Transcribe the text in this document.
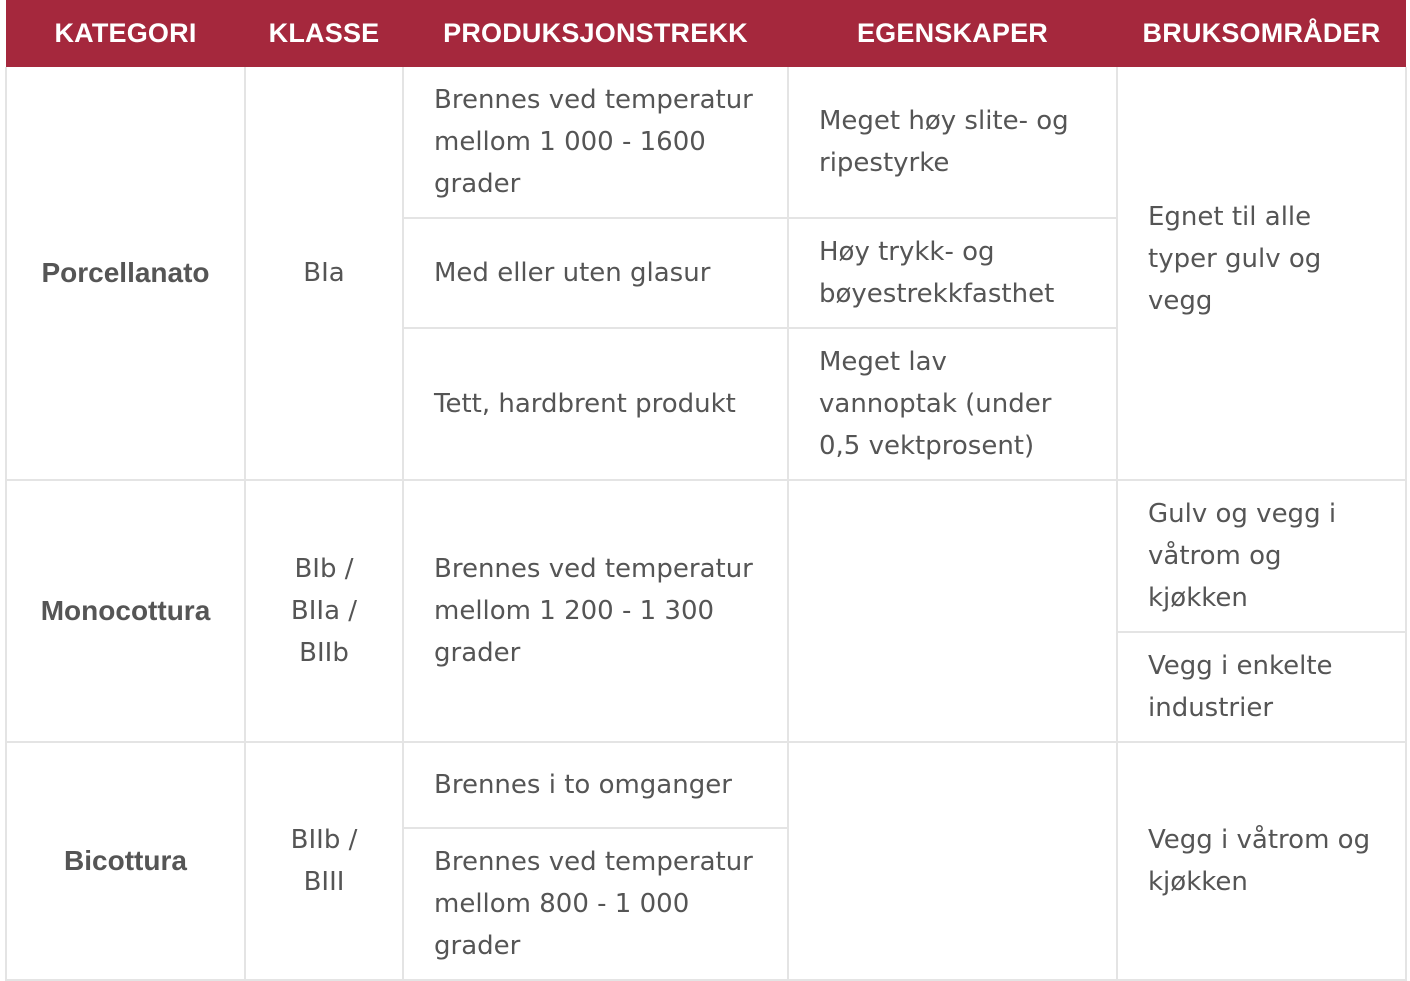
KATEGORI	KLASSE	PRODUKSJONSTREKK	EGENSKAPER	BRUKSOMRÅDER
Porcellanato	BIa	Brennes ved temperatur mellom 1 000 - 1600 grader	Meget høy slite- og ripestyrke	Egnet til alle typer gulv og vegg
		Med eller uten glasur	Høy trykk- og bøyestrekkfasthet	
		Tett, hardbrent produkt	Meget lav vannoptak (under 0,5 vektprosent)	
Monocottura	BIb / BIIa / BIIb	Brennes ved temperatur mellom 1 200 - 1 300 grader		Gulv og vegg i våtrom og kjøkken
				Vegg i enkelte industrier
Bicottura	BIIb / BIII	Brennes i to omganger		Vegg i våtrom og kjøkken
		Brennes ved temperatur mellom 800 - 1 000 grader		
